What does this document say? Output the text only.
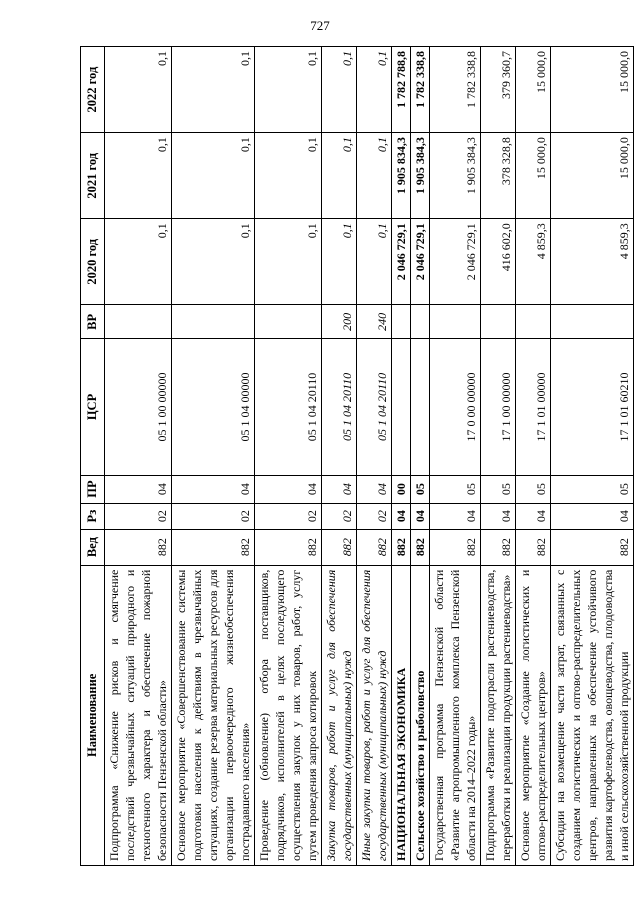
727
Наименование	Вед	Рз	ПР	ЦСР	ВР	2020 год	2021 год	2022 год
Подпрограмма «Снижение рисков и смягчение последствий чрезвычайных ситуаций природного и техногенного характера и обеспечение пожарной безопасности Пензенской области»	882	02	04	05 1 00 00000		0,1	0,1	0,1
Основное мероприятие «Совершенствование системы подготовки населения к действиям в чрезвычайных ситуациях, создание резерва материальных ресурсов для организации первоочередного жизнеобеспечения пострадавшего населения»	882	02	04	05 1 04 00000		0,1	0,1	0,1
Проведение (обновление) отбора поставщиков, подрядчиков, исполнителей в целях последующего осуществления закупок у них товаров, работ, услуг путем проведения запроса котировок	882	02	04	05 1 04 20110		0,1	0,1	0,1
Закупка товаров, работ и услуг для обеспечения государственных (муниципальных) нужд	882	02	04	05 1 04 20110	200	0,1	0,1	0,1
Иные закупки товаров, работ и услуг для обеспечения государственных (муниципальных) нужд	882	02	04	05 1 04 20110	240	0,1	0,1	0,1
НАЦИОНАЛЬНАЯ ЭКОНОМИКА	882	04	00			2 046 729,1	1 905 834,3	1 782 788,8
Сельское хозяйство и рыболовство	882	04	05			2 046 729,1	1 905 384,3	1 782 338,8
Государственная программа Пензенской области «Развитие агропромышленного комплекса Пензенской области на 2014–2022 годы»	882	04	05	17 0 00 00000		2 046 729,1	1 905 384,3	1 782 338,8
Подпрограмма «Развитие подотрасли растениеводства, переработки и реализации продукции растениеводства»	882	04	05	17 1 00 00000		416 602,0	378 328,8	379 360,7
Основное мероприятие «Создание логистических и оптово-распределительных центров»	882	04	05	17 1 01 00000		4 859,3	15 000,0	15 000,0
Субсидии на возмещение части затрат, связанных с созданием логистических и оптово-распределительных центров, направленных на обеспечение устойчивого развития картофелеводства, овощеводства, плодоводства и иной сельскохозяйственной продукции	882	04	05	17 1 01 60210		4 859,3	15 000,0	15 000,0
